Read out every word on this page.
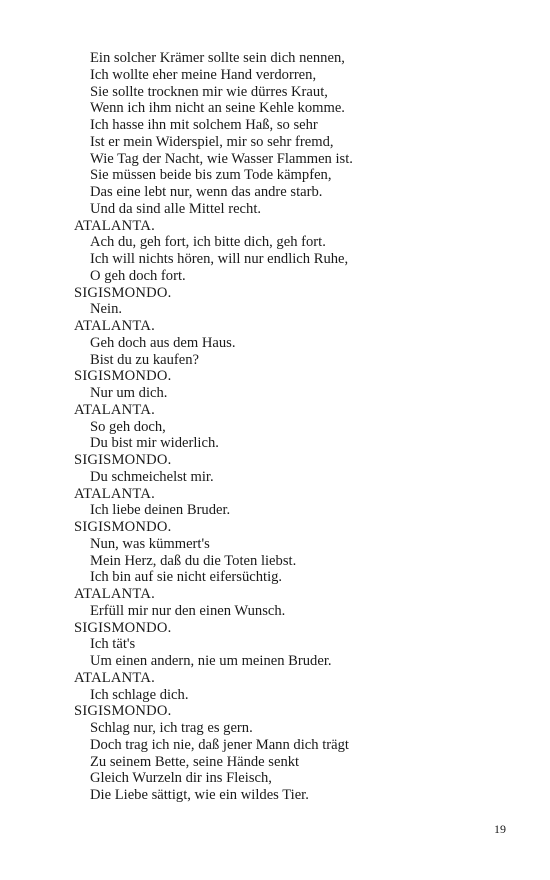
Ein solcher Krämer sollte sein dich nennen,
Ich wollte eher meine Hand verdorren,
Sie sollte trocknen mir wie dürres Kraut,
Wenn ich ihm nicht an seine Kehle komme.
Ich hasse ihn mit solchem Haß, so sehr
Ist er mein Widerspiel, mir so sehr fremd,
Wie Tag der Nacht, wie Wasser Flammen ist.
Sie müssen beide bis zum Tode kämpfen,
Das eine lebt nur, wenn das andre starb.
Und da sind alle Mittel recht.
ATALANTA.
Ach du, geh fort, ich bitte dich, geh fort.
Ich will nichts hören, will nur endlich Ruhe,
O geh doch fort.
SIGISMONDO.
Nein.
ATALANTA.
Geh doch aus dem Haus.
Bist du zu kaufen?
SIGISMONDO.
Nur um dich.
ATALANTA.
So geh doch,
Du bist mir widerlich.
SIGISMONDO.
Du schmeichelst mir.
ATALANTA.
Ich liebe deinen Bruder.
SIGISMONDO.
Nun, was kümmert's
Mein Herz, daß du die Toten liebst.
Ich bin auf sie nicht eifersüchtig.
ATALANTA.
Erfüll mir nur den einen Wunsch.
SIGISMONDO.
Ich tät's
Um einen andern, nie um meinen Bruder.
ATALANTA.
Ich schlage dich.
SIGISMONDO.
Schlag nur, ich trag es gern.
Doch trag ich nie, daß jener Mann dich trägt
Zu seinem Bette, seine Hände senkt
Gleich Wurzeln dir ins Fleisch,
Die Liebe sättigt, wie ein wildes Tier.
19
